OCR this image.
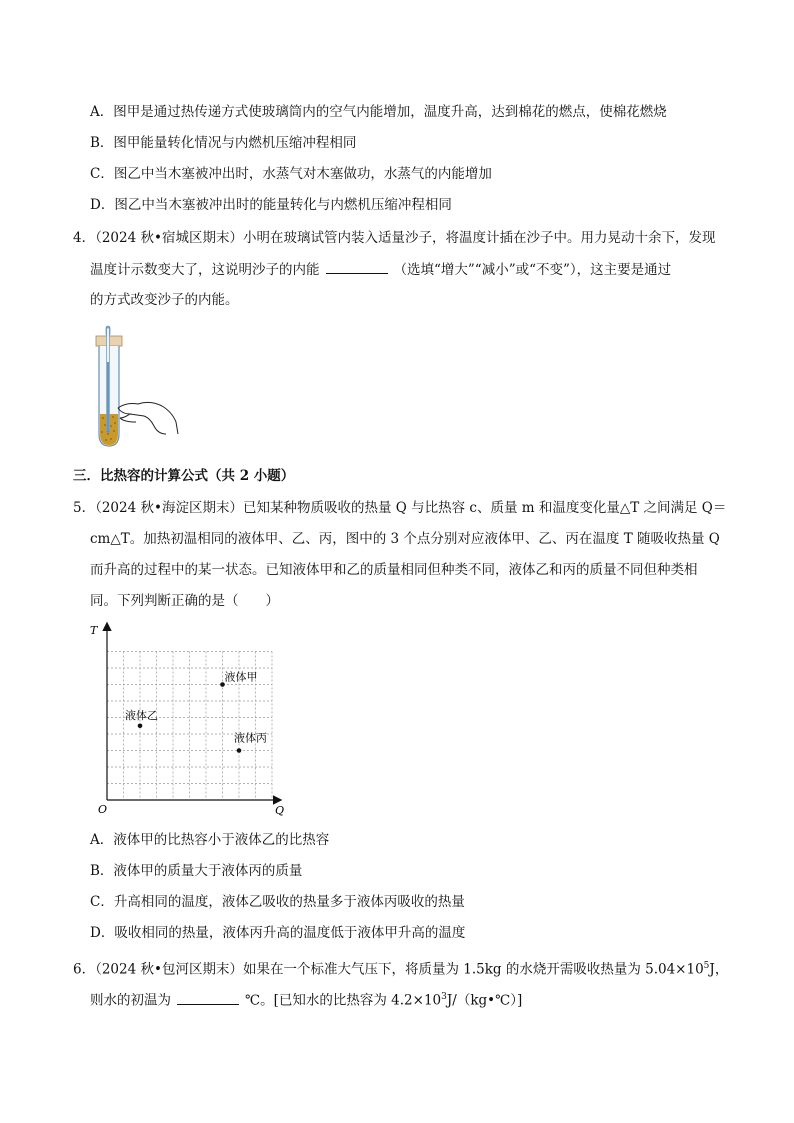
A．图甲是通过热传递方式使玻璃筒内的空气内能增加，温度升高，达到棉花的燃点，使棉花燃烧
B．图甲能量转化情况与内燃机压缩冲程相同
C．图乙中当木塞被冲出时，水蒸气对木塞做功，水蒸气的内能增加
D．图乙中当木塞被冲出时的能量转化与内燃机压缩冲程相同
4．（2024 秋•宿城区期末）小明在玻璃试管内装入适量沙子，将温度计插在沙子中。用力晃动十余下，发现
温度计示数变大了，这说明沙子的内能	（选填“增大”“减小”或“不变”），这主要是通过
的方式改变沙子的内能。
三．比热容的计算公式（共 2 小题）
5．（2024 秋•海淀区期末）已知某种物质吸收的热量 Q 与比热容 c、质量 m 和温度变化量△T 之间满足 Q＝
cm△T。加热初温相同的液体甲、乙、丙，图中的 3 个点分别对应液体甲、乙、丙在温度 T 随吸收热量 Q
而升高的过程中的某一状态。已知液体甲和乙的质量相同但种类不同，液体乙和丙的质量不同但种类相
同。下列判断正确的是（　　）
T
Q
O
液体甲
液体乙
液体丙
A．液体甲的比热容小于液体乙的比热容
B．液体甲的质量大于液体丙的质量
C．升高相同的温度，液体乙吸收的热量多于液体丙吸收的热量
D．吸收相同的热量，液体丙升高的温度低于液体甲升高的温度
6．（2024 秋•包河区期末）如果在一个标准大气压下，将质量为 1.5kg 的水烧开需吸收热量为 $5.04\times 10^5J$，
则水的初温为	℃。[已知水的比热容为 $4.2\times 10^3J/(kg•℃)$]
